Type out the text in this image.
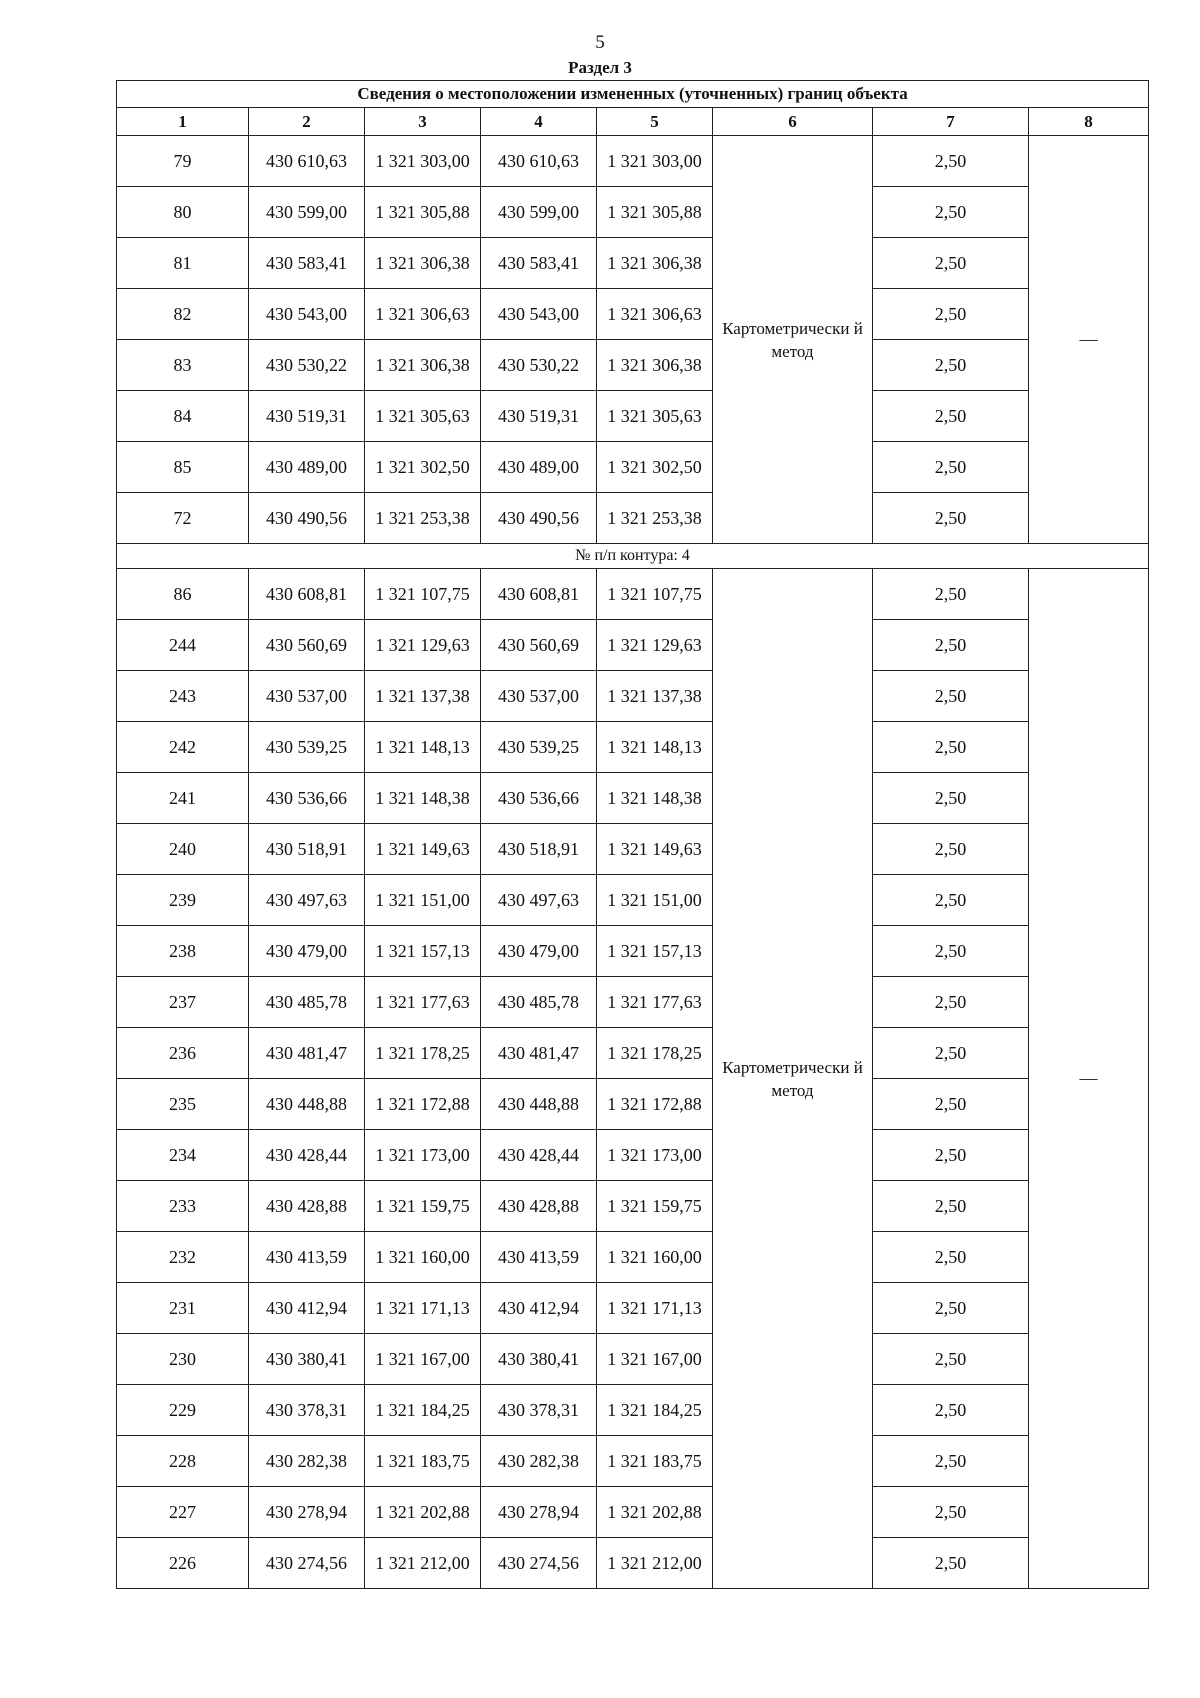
5
Раздел 3
Сведения о местоположении измененных (уточненных) границ объекта							
1	2	3	4	5	6	7	8
79	430 610,63	1 321 303,00	430 610,63	1 321 303,00	Картометрически й метод	2,50	—
80	430 599,00	1 321 305,88	430 599,00	1 321 305,88		2,50	
81	430 583,41	1 321 306,38	430 583,41	1 321 306,38		2,50	
82	430 543,00	1 321 306,63	430 543,00	1 321 306,63		2,50	
83	430 530,22	1 321 306,38	430 530,22	1 321 306,38		2,50	
84	430 519,31	1 321 305,63	430 519,31	1 321 305,63		2,50	
85	430 489,00	1 321 302,50	430 489,00	1 321 302,50		2,50	
72	430 490,56	1 321 253,38	430 490,56	1 321 253,38		2,50	
№ п/п контура: 4							
86	430 608,81	1 321 107,75	430 608,81	1 321 107,75	Картометрически й метод	2,50	—
244	430 560,69	1 321 129,63	430 560,69	1 321 129,63		2,50	
243	430 537,00	1 321 137,38	430 537,00	1 321 137,38		2,50	
242	430 539,25	1 321 148,13	430 539,25	1 321 148,13		2,50	
241	430 536,66	1 321 148,38	430 536,66	1 321 148,38		2,50	
240	430 518,91	1 321 149,63	430 518,91	1 321 149,63		2,50	
239	430 497,63	1 321 151,00	430 497,63	1 321 151,00		2,50	
238	430 479,00	1 321 157,13	430 479,00	1 321 157,13		2,50	
237	430 485,78	1 321 177,63	430 485,78	1 321 177,63		2,50	
236	430 481,47	1 321 178,25	430 481,47	1 321 178,25		2,50	
235	430 448,88	1 321 172,88	430 448,88	1 321 172,88		2,50	
234	430 428,44	1 321 173,00	430 428,44	1 321 173,00		2,50	
233	430 428,88	1 321 159,75	430 428,88	1 321 159,75		2,50	
232	430 413,59	1 321 160,00	430 413,59	1 321 160,00		2,50	
231	430 412,94	1 321 171,13	430 412,94	1 321 171,13		2,50	
230	430 380,41	1 321 167,00	430 380,41	1 321 167,00		2,50	
229	430 378,31	1 321 184,25	430 378,31	1 321 184,25		2,50	
228	430 282,38	1 321 183,75	430 282,38	1 321 183,75		2,50	
227	430 278,94	1 321 202,88	430 278,94	1 321 202,88		2,50	
226	430 274,56	1 321 212,00	430 274,56	1 321 212,00		2,50	
